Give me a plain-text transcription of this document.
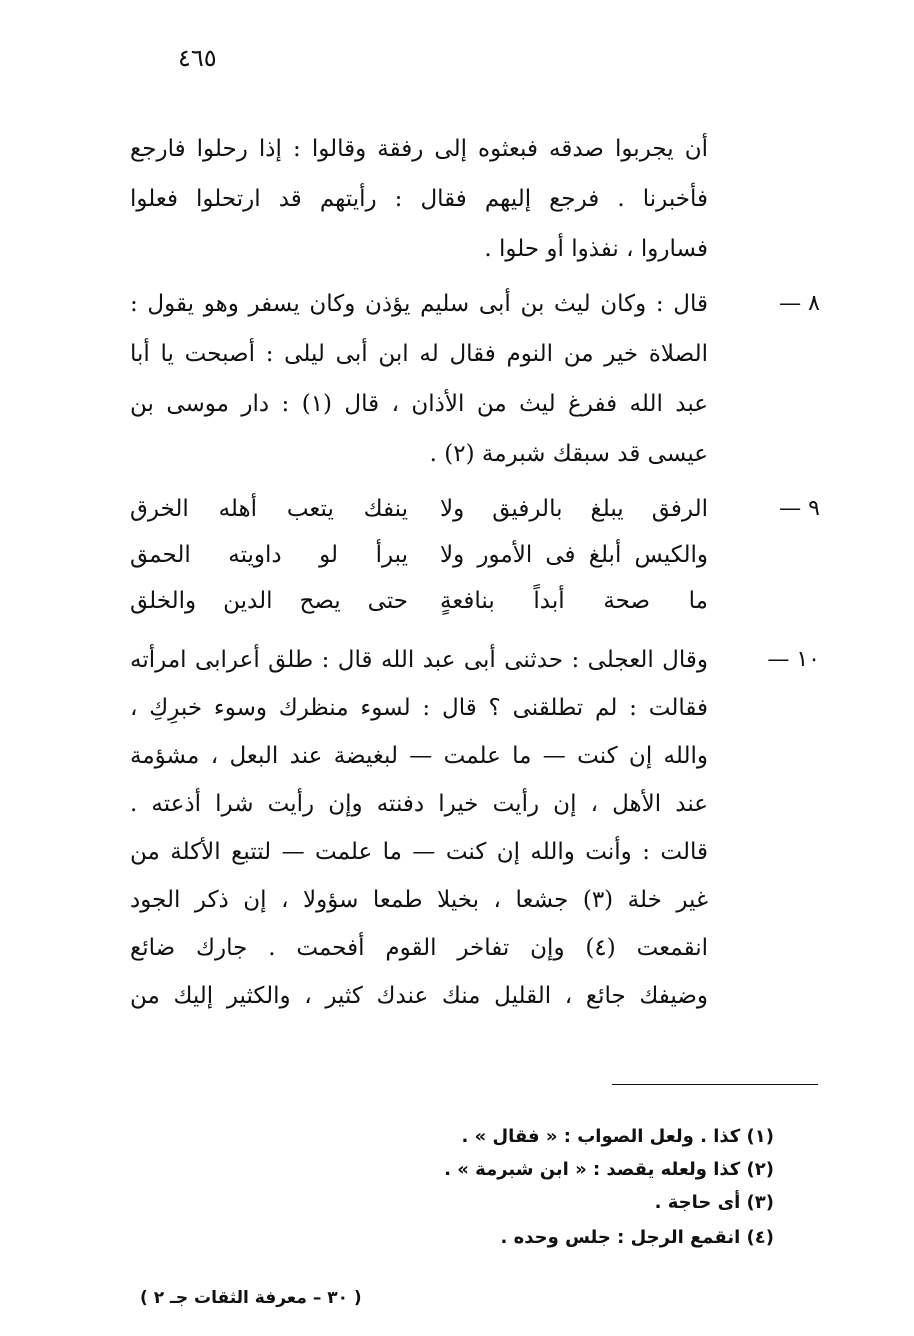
٤٦٥
أن يجربوا صدقه فبعثوه إلى رفقة وقالوا : إذا رحلوا فارجع
فأخبرنا . فرجع إليهم فقال : رأيتهم قد ارتحلوا فعلوا
فساروا ، نفذوا أو حلوا .
٨ —
قال : وكان ليث بن أبى سليم يؤذن وكان يسفر وهو يقول :
الصلاة خير من النوم فقال له ابن أبى ليلى : أصبحت يا أبا
عبد الله ففرغ ليث من الأذان ، قال (١) : دار موسى بن
عيسى قد سبقك شبرمة (٢) .
٩ —
الرفق يبلغ بالرفيق ولا
ينفك يتعب أهله الخرق
والكيس أبلغ فى الأمور ولا
يبرأ لو داويته الحمق
ما صحة أبداً بنافعةٍ
حتى يصح الدين والخلق
١٠ —
وقال العجلى : حدثنى أبى عبد الله قال : طلق أعرابى امرأته
فقالت : لم تطلقنى ؟ قال : لسوء منظرك وسوء خبرِكِ ،
والله إن كنت — ما علمت — لبغيضة عند البعل ، مشؤمة
عند الأهل ، إن رأيت خيرا دفنته وإن رأيت شرا أذعته .
قالت : وأنت والله إن كنت — ما علمت — لتتبع الأكلة من
غير خلة (٣) جشعا ، بخيلا طمعا سؤولا ، إن ذكر الجود
انقمعت (٤) وإن تفاخر القوم أفحمت . جارك ضائع
وضيفك جائع ، القليل منك عندك كثير ، والكثير إليك من
(١) كذا . ولعل الصواب : « فقال » .
(٢) كذا ولعله يقصد : « ابن شبرمة » .
(٣) أى حاجة .
(٤) انقمع الرجل : جلس وحده .
( ٣٠ – معرفة الثقات جـ ٢ )
